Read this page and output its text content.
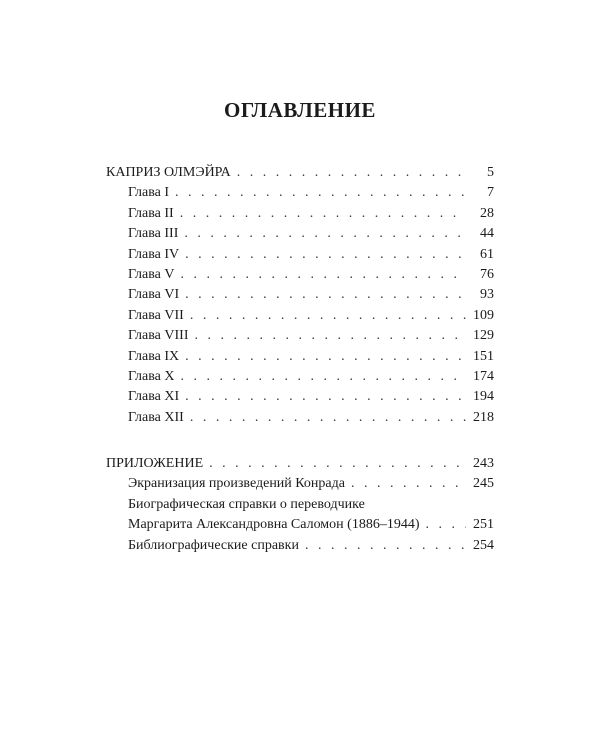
ОГЛАВЛЕНИЕ
КАПРИЗ ОЛМЭЙРА . . .	5
Глава I . . .	7
Глава II . . .	28
Глава III . . .	44
Глава IV . . .	61
Глава V . . .	76
Глава VI . . .	93
Глава VII . . .	109
Глава VIII . . .	129
Глава IX . . .	151
Глава X . . .	174
Глава XI . . .	194
Глава XII . . .	218
ПРИЛОЖЕНИЕ . . .	243
Экранизация произведений Конрада . . .	245
Биографическая справки о переводчике
Маргарита Александровна Саломон (1886–1944) . . .	251
Библиографические справки . . .	254
